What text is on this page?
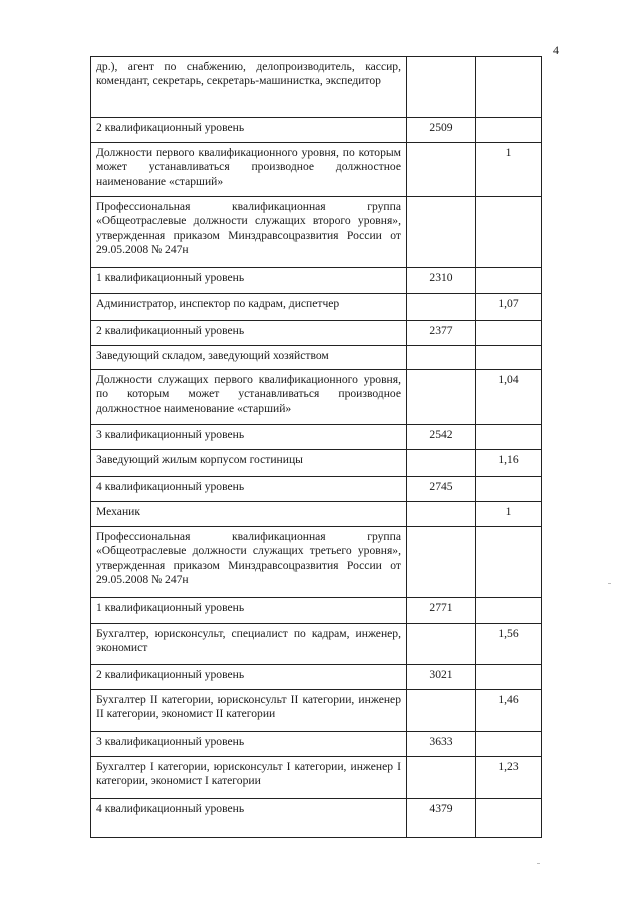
4
др.), агент по снабжению, делопроизводитель, кассир, комендант, секретарь, секретарь-машинистка, экспедитор		
2 квалификационный уровень	2509	
Должности первого квалификационного уровня, по которым может устанавливаться производное должностное наименование «старший»		1
Профессиональная квалификационная группа «Общеотраслевые должности служащих второго уровня», утвержденная приказом Минздравсоцразвития России от 29.05.2008 № 247н		
1 квалификационный уровень	2310	
Администратор, инспектор по кадрам, диспетчер		1,07
2 квалификационный уровень	2377	
Заведующий складом, заведующий хозяйством		
Должности служащих первого квалификационного уровня, по которым может устанавливаться производное должностное наименование «старший»		1,04
3 квалификационный уровень	2542	
Заведующий жилым корпусом гостиницы		1,16
4 квалификационный уровень	2745	
Механик		1
Профессиональная квалификационная группа «Общеотраслевые должности служащих третьего уровня», утвержденная приказом Минздравсоцразвития России от 29.05.2008 № 247н		
1 квалификационный уровень	2771	
Бухгалтер, юрисконсульт, специалист по кадрам, инженер, экономист		1,56
2 квалификационный уровень	3021	
Бухгалтер II категории, юрисконсульт II категории, инженер II категории, экономист II категории		1,46
3 квалификационный уровень	3633	
Бухгалтер I категории, юрисконсульт I категории, инженер I категории, экономист I категории		1,23
4 квалификационный уровень	4379	
